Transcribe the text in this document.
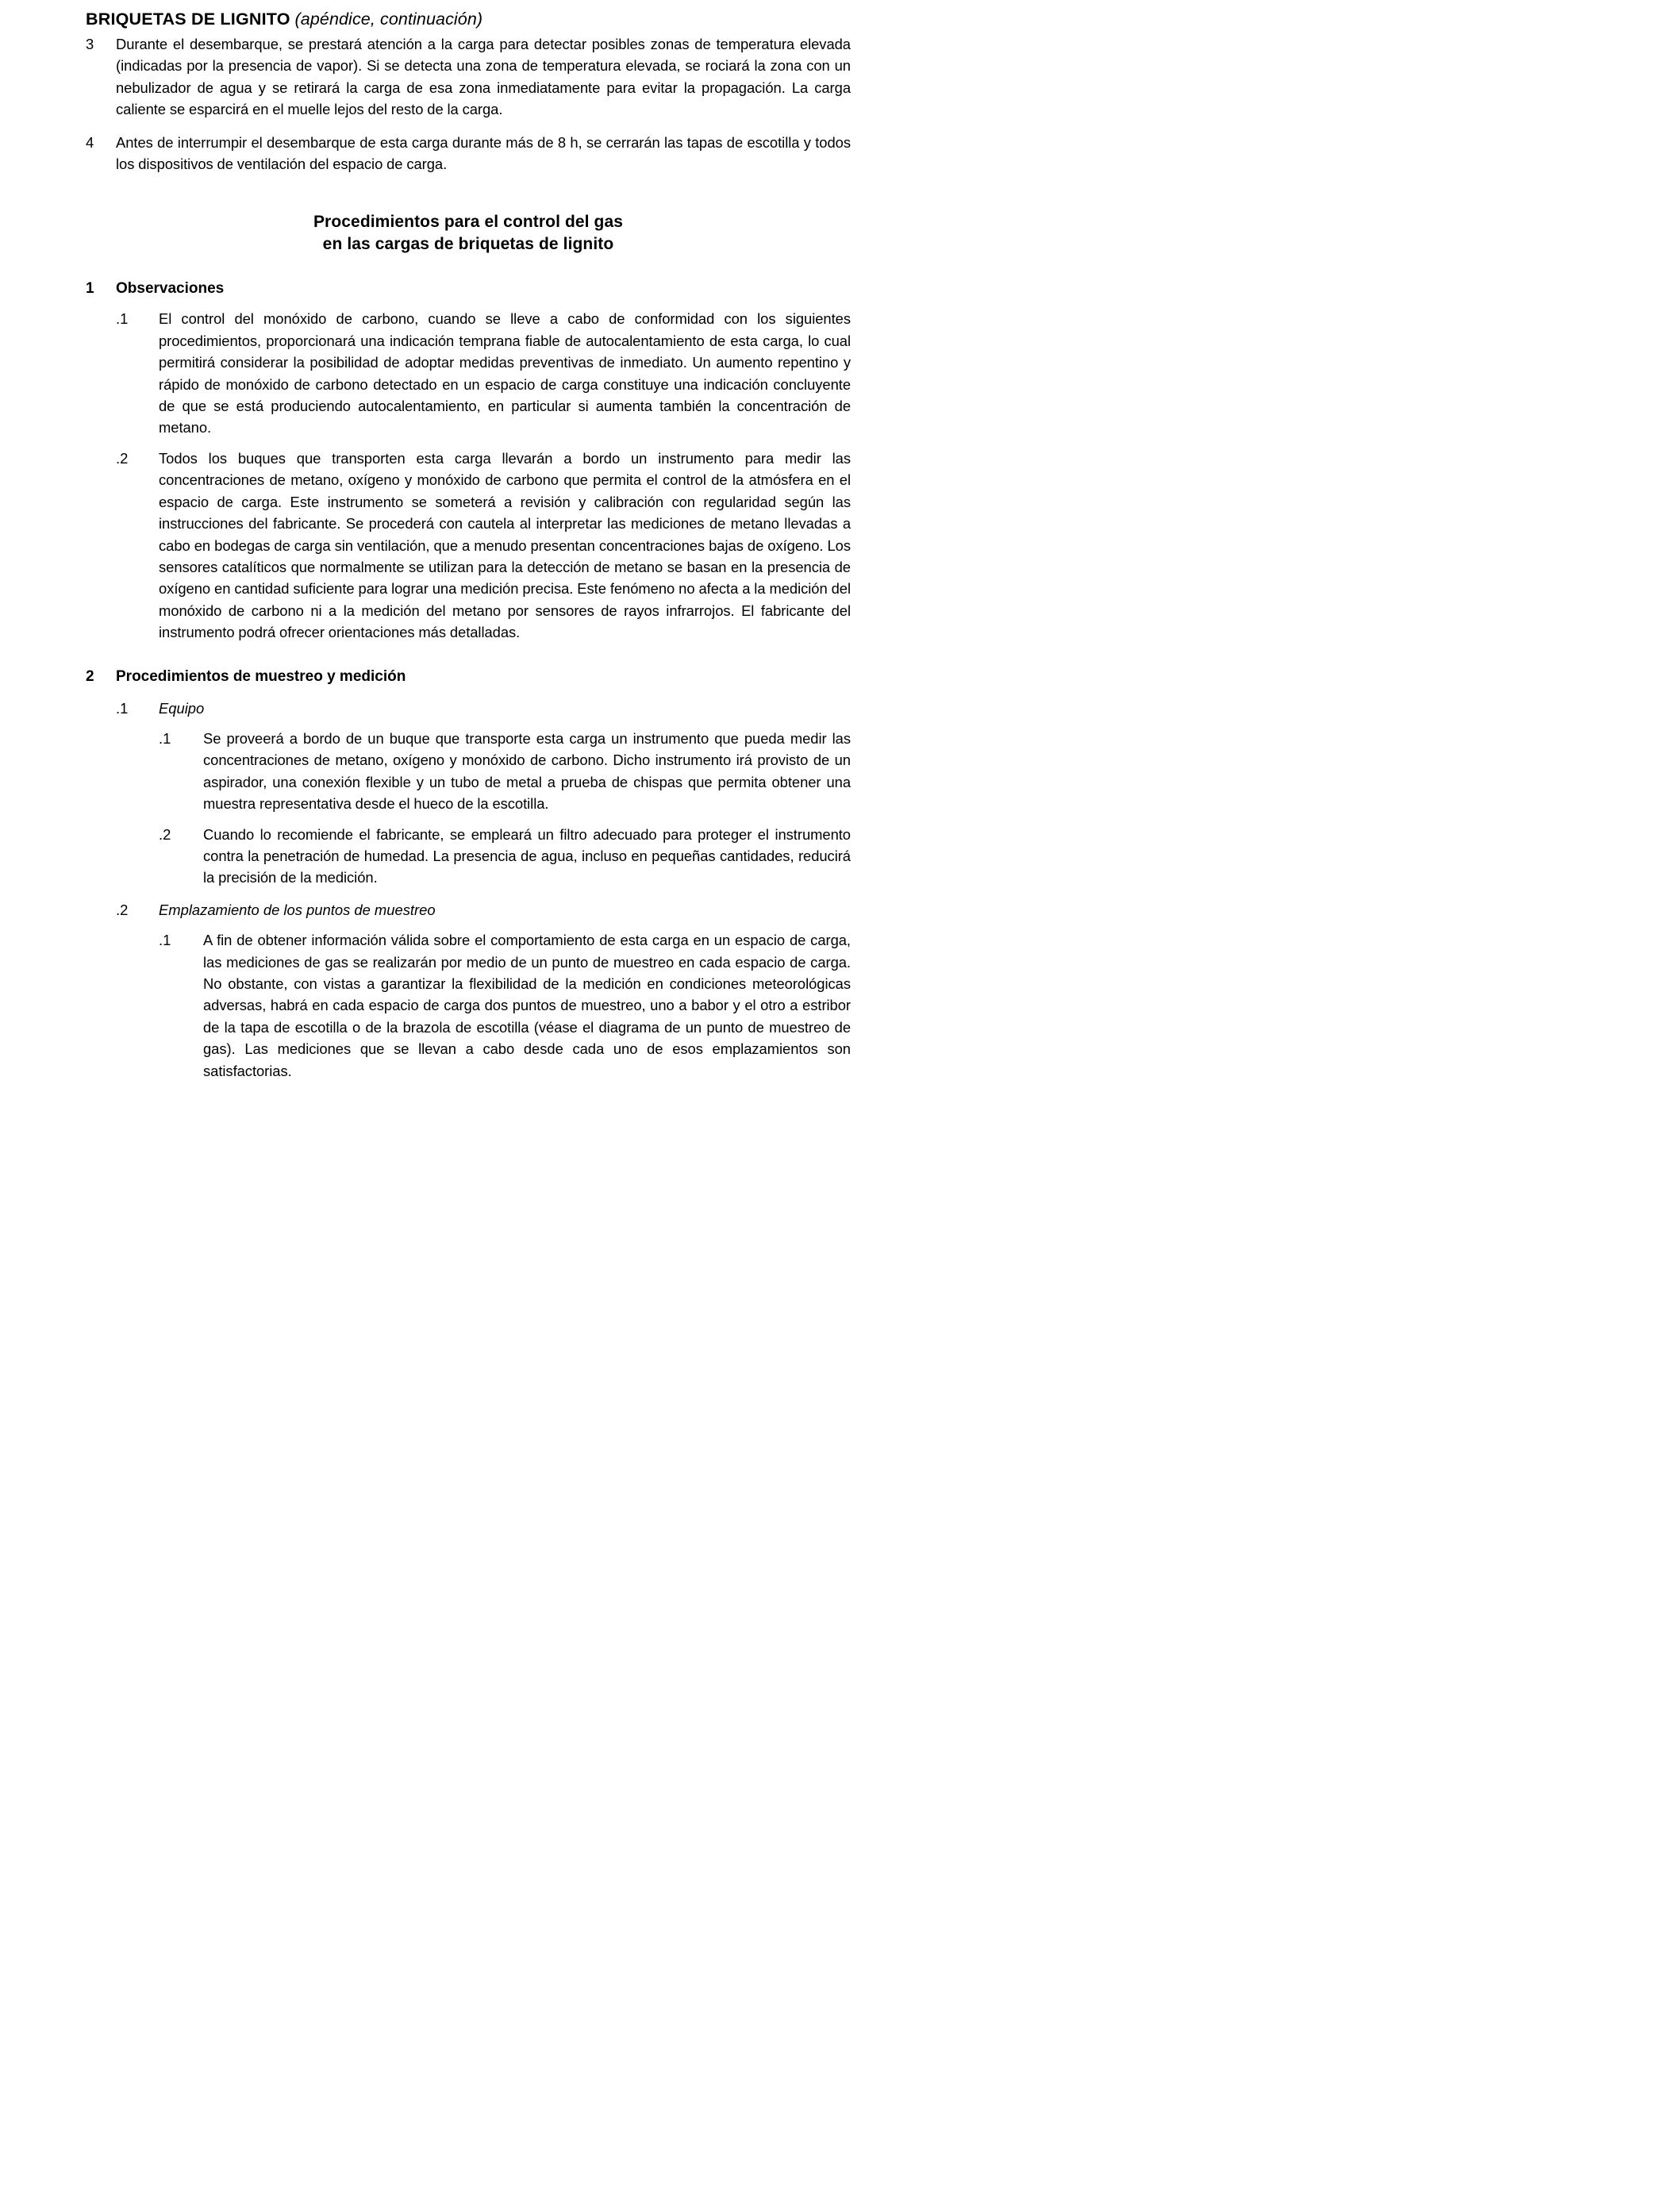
BRIQUETAS DE LIGNITO (apéndice, continuación)
3	Durante el desembarque, se prestará atención a la carga para detectar posibles zonas de temperatura elevada (indicadas por la presencia de vapor). Si se detecta una zona de temperatura elevada, se rociará la zona con un nebulizador de agua y se retirará la carga de esa zona inmediatamente para evitar la propagación. La carga caliente se esparcirá en el muelle lejos del resto de la carga.
4	Antes de interrumpir el desembarque de esta carga durante más de 8 h, se cerrarán las tapas de escotilla y todos los dispositivos de ventilación del espacio de carga.
Procedimientos para el control del gas
en las cargas de briquetas de lignito
1	Observaciones
.1	El control del monóxido de carbono, cuando se lleve a cabo de conformidad con los siguientes procedimientos, proporcionará una indicación temprana fiable de autocalentamiento de esta carga, lo cual permitirá considerar la posibilidad de adoptar medidas preventivas de inmediato. Un aumento repentino y rápido de monóxido de carbono detectado en un espacio de carga constituye una indicación concluyente de que se está produciendo autocalentamiento, en particular si aumenta también la concentración de metano.
.2	Todos los buques que transporten esta carga llevarán a bordo un instrumento para medir las concentraciones de metano, oxígeno y monóxido de carbono que permita el control de la atmósfera en el espacio de carga. Este instrumento se someterá a revisión y calibración con regularidad según las instrucciones del fabricante. Se procederá con cautela al interpretar las mediciones de metano llevadas a cabo en bodegas de carga sin ventilación, que a menudo presentan concentraciones bajas de oxígeno. Los sensores catalíticos que normalmente se utilizan para la detección de metano se basan en la presencia de oxígeno en cantidad suficiente para lograr una medición precisa. Este fenómeno no afecta a la medición del monóxido de carbono ni a la medición del metano por sensores de rayos infrarrojos. El fabricante del instrumento podrá ofrecer orientaciones más detalladas.
2	Procedimientos de muestreo y medición
.1	Equipo
.1	Se proveerá a bordo de un buque que transporte esta carga un instrumento que pueda medir las concentraciones de metano, oxígeno y monóxido de carbono. Dicho instrumento irá provisto de un aspirador, una conexión flexible y un tubo de metal a prueba de chispas que permita obtener una muestra representativa desde el hueco de la escotilla.
.2	Cuando lo recomiende el fabricante, se empleará un filtro adecuado para proteger el instrumento contra la penetración de humedad. La presencia de agua, incluso en pequeñas cantidades, reducirá la precisión de la medición.
.2	Emplazamiento de los puntos de muestreo
.1	A fin de obtener información válida sobre el comportamiento de esta carga en un espacio de carga, las mediciones de gas se realizarán por medio de un punto de muestreo en cada espacio de carga. No obstante, con vistas a garantizar la flexibilidad de la medición en condiciones meteorológicas adversas, habrá en cada espacio de carga dos puntos de muestreo, uno a babor y el otro a estribor de la tapa de escotilla o de la brazola de escotilla (véase el diagrama de un punto de muestreo de gas). Las mediciones que se llevan a cabo desde cada uno de esos emplazamientos son satisfactorias.
